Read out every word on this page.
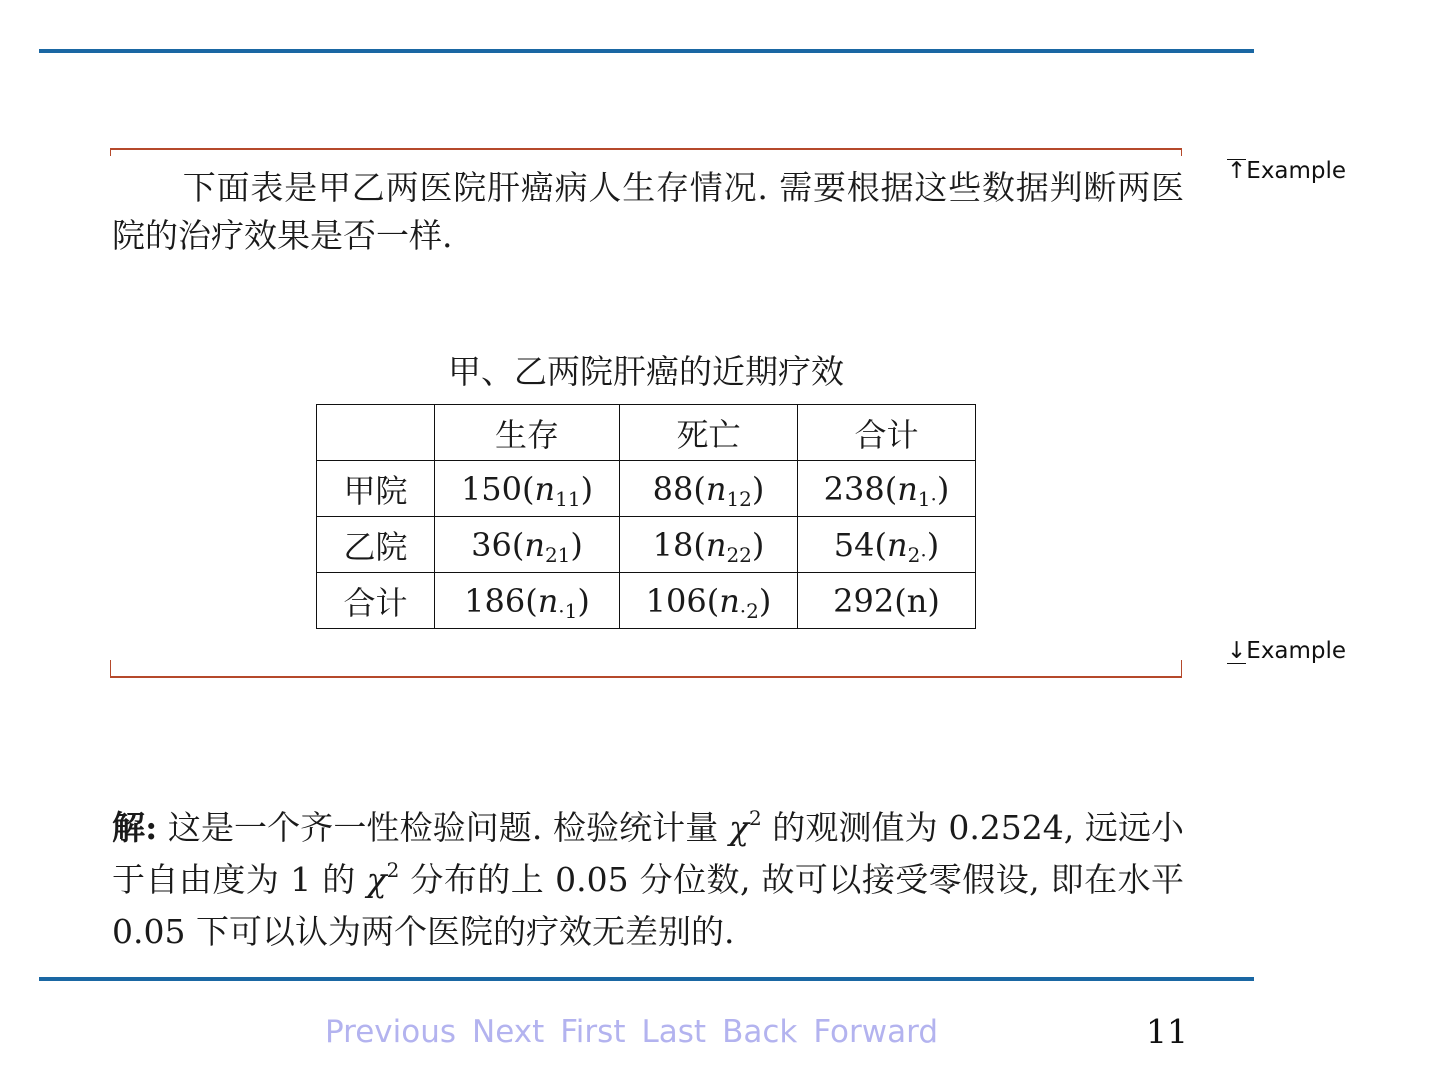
↑Example
下面表是甲乙两医院肝癌病人生存情况. 需要根据这些数据判断两医院的治疗效果是否一样.
甲、乙两院肝癌的近期疗效
	生存	死亡	合计
甲院	$150(n_{11})$	$88(n_{12})$	$238(n_{1\cdot})$
乙院	$36(n_{21})$	$18(n_{22})$	$54(n_{2\cdot})$
合计	$186(n_{\cdot 1})$	$106(n_{\cdot 2})$	292(n)
↓Example
解: 这是一个齐一性检验问题. 检验统计量 $\chi^2$ 的观测值为 0.2524, 远远小于自由度为 1 的 $\chi^2$ 分布的上 0.05 分位数, 故可以接受零假设, 即在水平 0.05 下可以认为两个医院的疗效无差别的.
Previous Next First Last Back Forward	11
